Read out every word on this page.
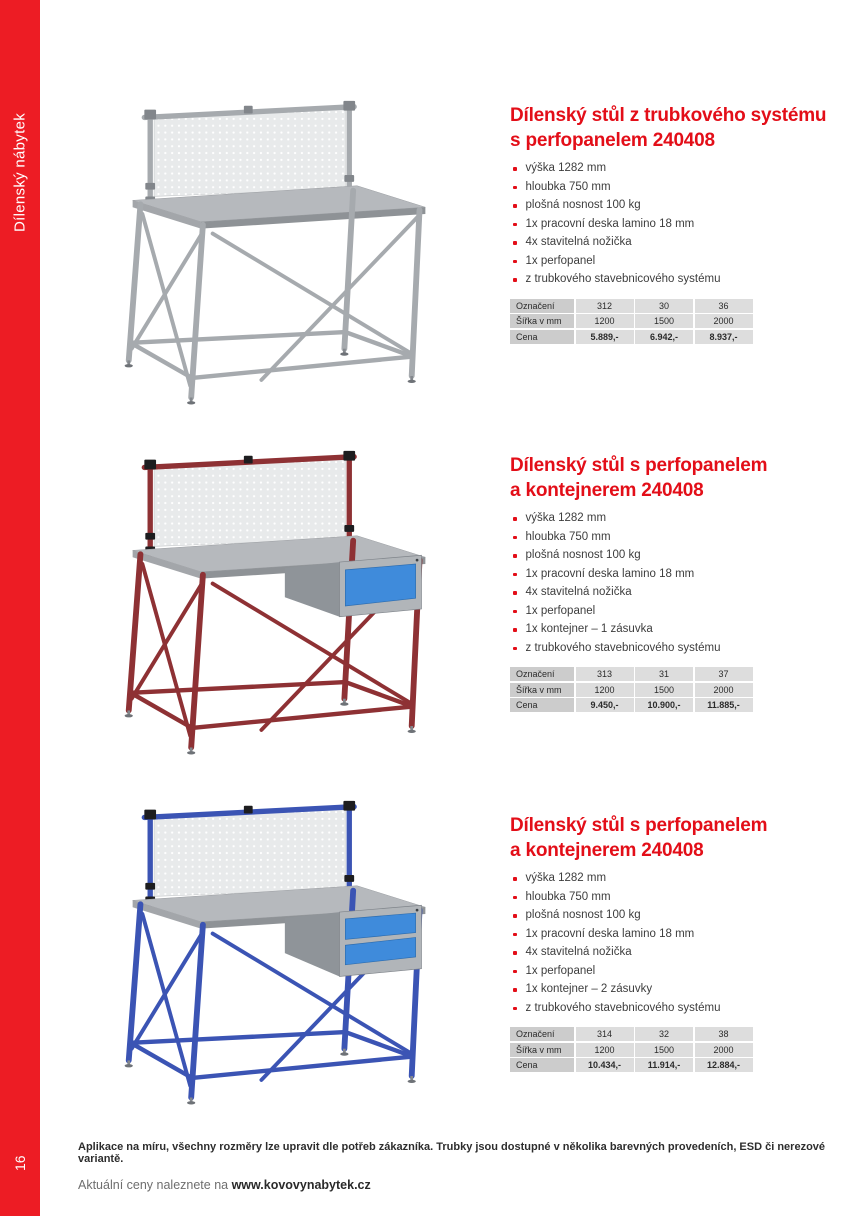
Dílenský nábytek
16
Dílenský stůl z trubkového systému
s perfopanelem 240408
výška 1282 mm
hloubka 750 mm
plošná nosnost 100 kg
1x pracovní deska lamino 18 mm
4x stavitelná nožička
1x perfopanel
z trubkového stavebnicového systému
Označení	312	30	36
Šířka v mm	1200	1500	2000
Cena	5.889,-	6.942,-	8.937,-
Dílenský stůl s perfopanelem
a kontejnerem 240408
výška 1282 mm
hloubka 750 mm
plošná nosnost 100 kg
1x pracovní deska lamino 18 mm
4x stavitelná nožička
1x perfopanel
1x kontejner – 1 zásuvka
z trubkového stavebnicového systému
Označení	313	31	37
Šířka v mm	1200	1500	2000
Cena	9.450,-	10.900,-	11.885,-
Dílenský stůl s perfopanelem
a kontejnerem 240408
výška 1282 mm
hloubka 750 mm
plošná nosnost 100 kg
1x pracovní deska lamino 18 mm
4x stavitelná nožička
1x perfopanel
1x kontejner – 2 zásuvky
z trubkového stavebnicového systému
Označení	314	32	38
Šířka v mm	1200	1500	2000
Cena	10.434,-	11.914,-	12.884,-
Aplikace na míru, všechny rozměry lze upravit dle potřeb zákazníka. Trubky jsou dostupné v několika barevných provedeních, ESD či nerezové variantě.
Aktuální ceny naleznete na www.kovovynabytek.cz
